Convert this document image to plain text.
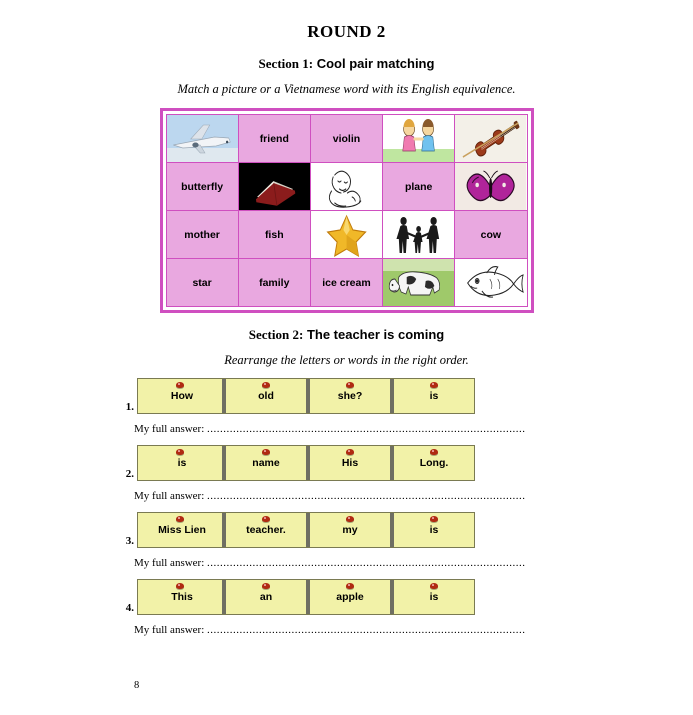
ROUND 2
Section 1: Cool pair matching
Match a picture or a Vietnamese word with its English equivalence.
	friend	violin	

butterfly			plane	

mother	fish			cow
star	family	ice cream	

Section 2: The teacher is coming
Rearrange the letters or words in the right order.
1.
How	old	she?	is
My full answer: ..................................................................................................
2.
is	name	His	Long.
My full answer: ..................................................................................................
3.
Miss Lien	teacher.	my	is
My full answer: ..................................................................................................
4.
This	an	apple	is
My full answer: ..................................................................................................
8
